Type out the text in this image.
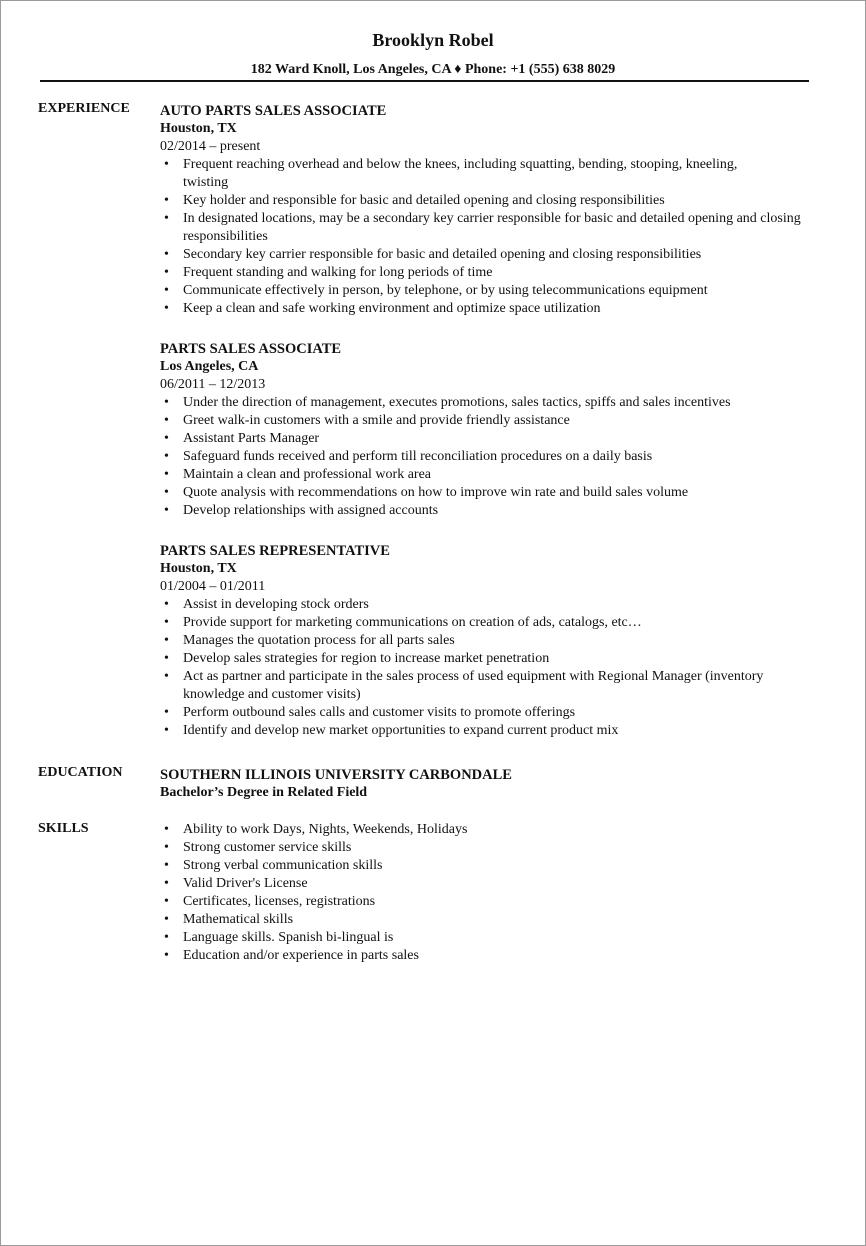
Brooklyn Robel
182 Ward Knoll, Los Angeles, CA ♦ Phone: +1 (555) 638 8029
EXPERIENCE AUTO PARTS SALES ASSOCIATE

Houston, TX

02/2014 – present

• Frequent reaching overhead and below the knees, including squatting, bending, stooping, kneeling, twisting
• Key holder and responsible for basic and detailed opening and closing responsibilities
• In designated locations, may be a secondary key carrier responsible for basic and detailed opening and closing responsibilities
• Secondary key carrier responsible for basic and detailed opening and closing responsibilities
• Frequent standing and walking for long periods of time
• Communicate effectively in person, by telephone, or by using telecommunications equipment
• Keep a clean and safe working environment and optimize space utilization

PARTS SALES ASSOCIATE

Los Angeles, CA

06/2011 – 12/2013

• Under the direction of management, executes promotions, sales tactics, spiffs and sales incentives
• Greet walk-in customers with a smile and provide friendly assistance
• Assistant Parts Manager
• Safeguard funds received and perform till reconciliation procedures on a daily basis
• Maintain a clean and professional work area
• Quote analysis with recommendations on how to improve win rate and build sales volume
• Develop relationships with assigned accounts

PARTS SALES REPRESENTATIVE

Houston, TX

01/2004 – 01/2011

• Assist in developing stock orders
• Provide support for marketing communications on creation of ads, catalogs, etc…
• Manages the quotation process for all parts sales
• Develop sales strategies for region to increase market penetration
• Act as partner and participate in the sales process of used equipment with Regional Manager (inventory knowledge and customer visits)
• Perform outbound sales calls and customer visits to promote offerings
• Identify and develop new market opportunities to expand current product mix
EDUCATION	SOUTHERN ILLINOIS UNIVERSITY CARBONDALE

Bachelor’s Degree in Related Field

SKILLS	• Ability to work Days, Nights, Weekends, Holidays
• Strong customer service skills
• Strong verbal communication skills
• Valid Driver's License
• Certificates, licenses, registrations
• Mathematical skills
• Language skills. Spanish bi-lingual is
• Education and/or experience in parts sales
